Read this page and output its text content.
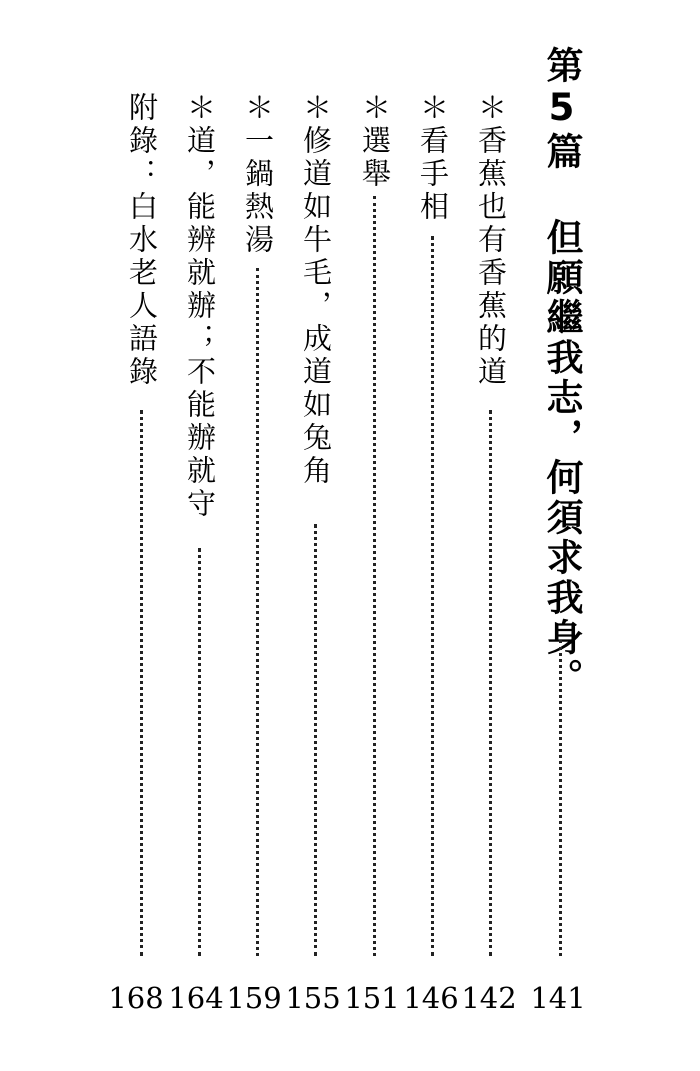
第5篇 但願繼我志，何須求我身。
141
＊香蕉也有香蕉的道
142
＊看手相
146
＊選舉
151
＊修道如牛毛，成道如兔角
155
＊一鍋熱湯
159
＊道，能辨就辦；不能辦就守
164
附錄：白水老人語錄
168
